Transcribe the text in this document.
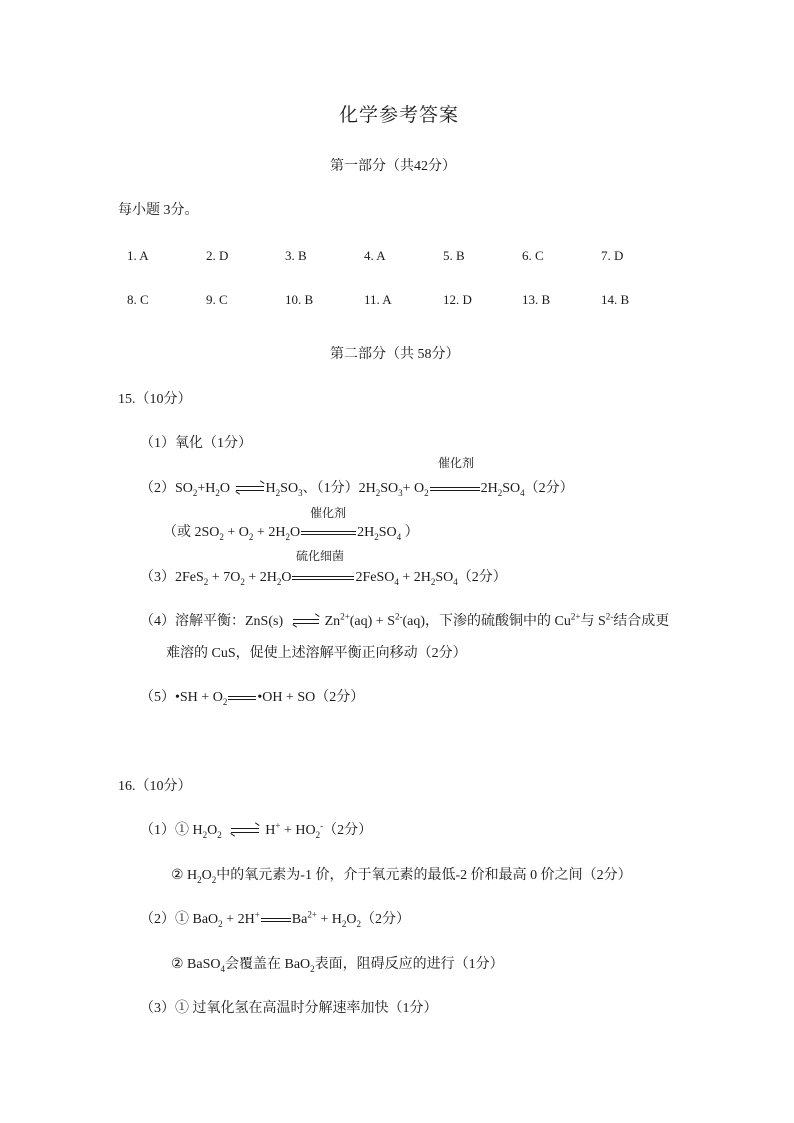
化学参考答案
第一部分（共42分）
每小题 3分。
1. A	2. D	3. B	4. A	5. B	6. C	7. D
8. C	9. C	10. B	11. A	12. D	13. B	14. B
第二部分（共 58分）
15.（10分）
（1）氧化（1分）
催化剂
$(2)SO_2+H_2O$
$H_2SO_3$、（1分）$2H_2SO_3+ O_2$	$2H_2SO_4(2$分）
催化剂
（或 $2SO_2 + O_2 + 2H_2O$	$2H_2SO_4$ ）
硫化细菌
$(3)2FeS_2 + 7O_2 + 2H_2O$	2FeSO$_4$ + $2H_2SO_4(2$分）
（4）溶解平衡：ZnS(s)	$Zn^{2+}(aq) + S^{2-}(aq)$，下渗的硫酸铜中的 $Cu^{2+}$与 $S^{2-}$结合成更
难溶的 CuS，促使上述溶解平衡正向移动（2分）
（5）•SH + $O_2$ •OH + SO（2分）
16.（10分）
（1）① $H_2O_2$	$H^+ + HO_2^-(2$分）
② $H_2O_2$中的氧元素为-1 价，介于氧元素的最低-2 价和最高 0 价之间（2分）
（2）① BaO$_2$ + 2H+ $Ba^{2+} + H_2O_2(2$分）
② BaSO$_4$会覆盖在 BaO$_2$表面，阻碍反应的进行（1分）
（3）① 过氧化氢在高温时分解速率加快（1分）
